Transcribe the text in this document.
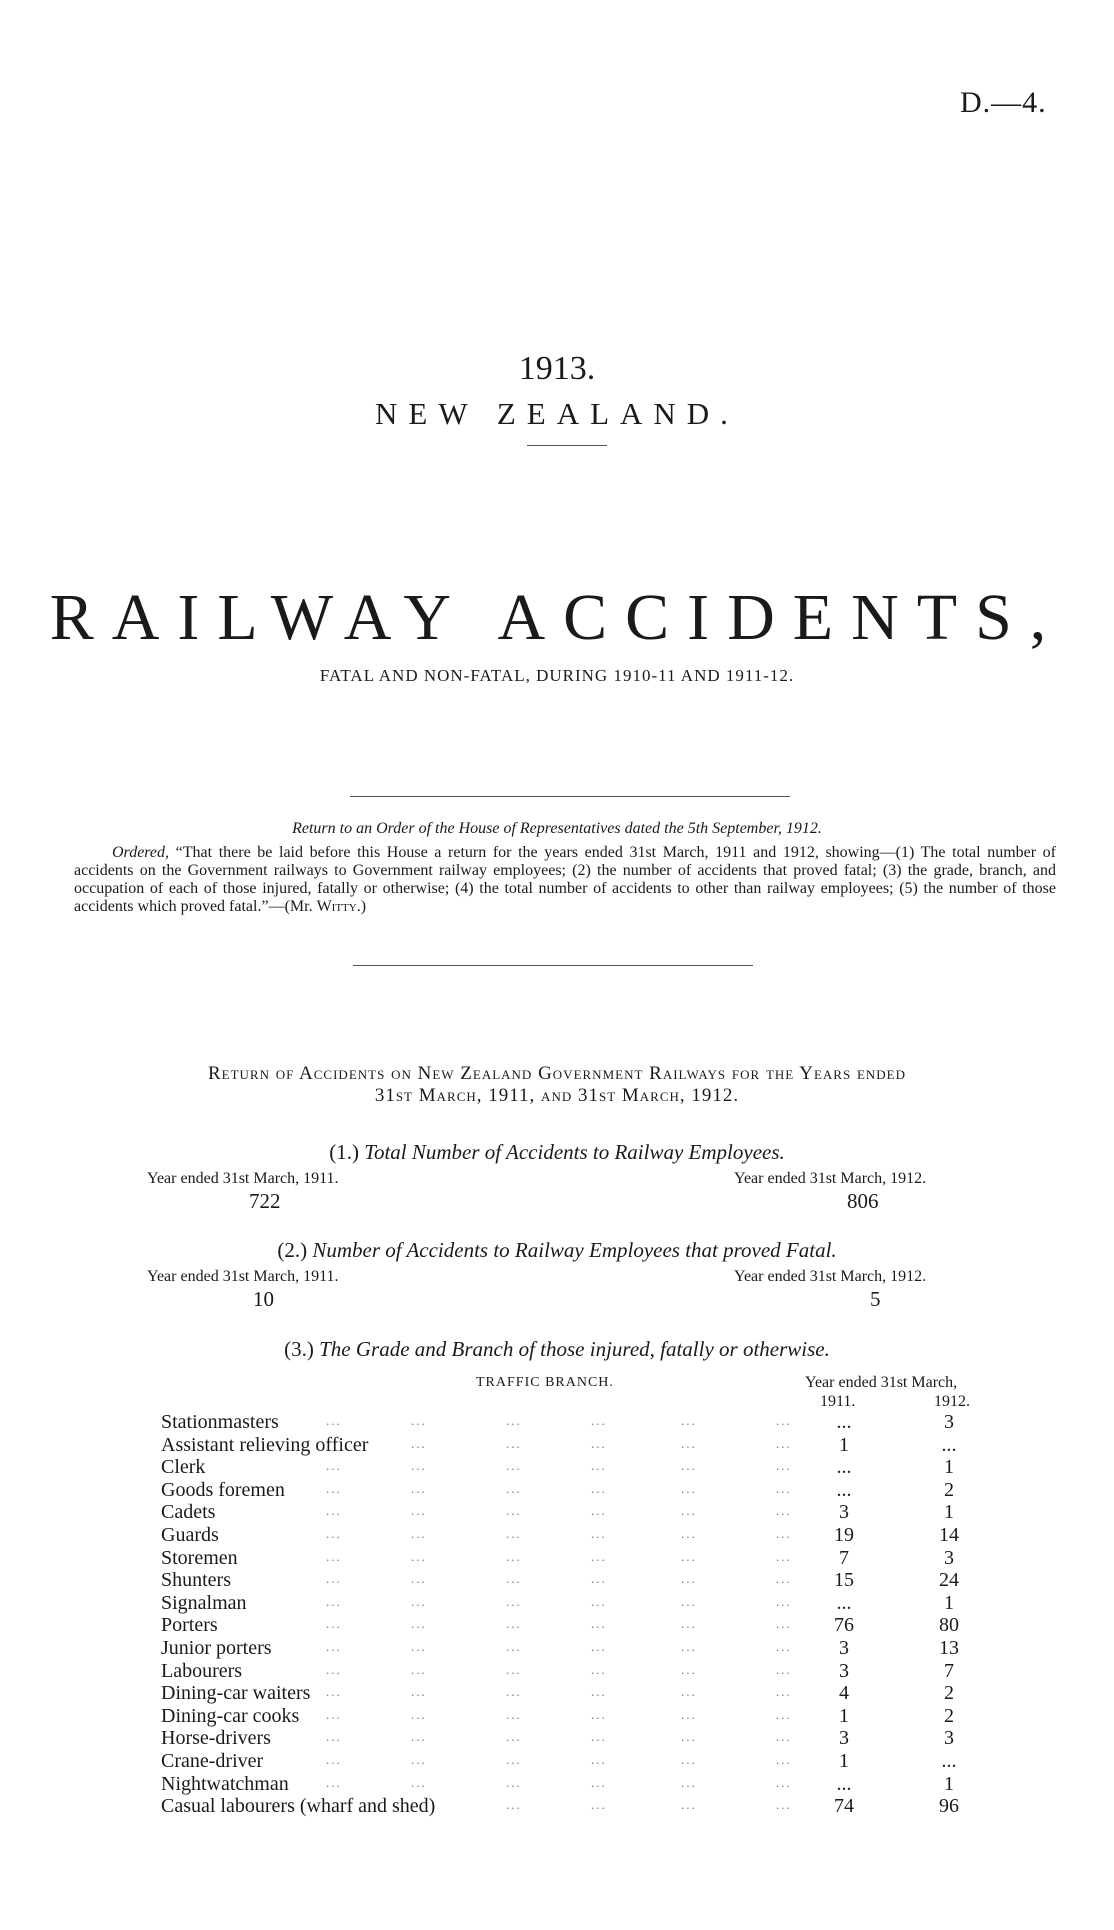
D.—4.
1913.
NEW ZEALAND.
RAILWAY ACCIDENTS,
FATAL AND NON-FATAL, DURING 1910-11 AND 1911-12.
Return to an Order of the House of Representatives dated the 5th September, 1912.
Ordered, “That there be laid before this House a return for the years ended 31st March, 1911 and 1912, showing—(1) The total number of accidents on the Government railways to Government railway employees; (2) the number of accidents that proved fatal; (3) the grade, branch, and occupation of each of those injured, fatally or otherwise; (4) the total number of accidents to other than railway employees; (5) the number of those accidents which proved fatal.”—(Mr. Witty.)
Return of Accidents on New Zealand Government Railways for the Years ended
31st March, 1911, and 31st March, 1912.
(1.) Total Number of Accidents to Railway Employees.
Year ended 31st March, 1911.	Year ended 31st March, 1912.
722	806
(2.) Number of Accidents to Railway Employees that proved Fatal.
Year ended 31st March, 1911.	Year ended 31st March, 1912.
10	5
(3.) The Grade and Branch of those injured, fatally or otherwise.
TRAFFIC BRANCH.	Year ended 31st March,
1911.	1912.
...	...	...	...	...	...
Stationmasters	...	3
...	...	...	...	...
Assistant relieving officer	1	...
...	...	...	...	...	...
Clerk	...	1
...	...	...	...	...	...
Goods foremen	...	2
...	...	...	...	...	...
Cadets	3	1
...	...	...	...	...	...
Guards	19	14
...	...	...	...	...	...
Storemen	7	3
...	...	...	...	...	...
Shunters	15	24
...	...	...	...	...	...
Signalman	...	1
...	...	...	...	...	...
Porters	76	80
...	...	...	...	...	...
Junior porters	3	13
...	...	...	...	...	...
Labourers	3	7
...	...	...	...	...	...
Dining-car waiters	4	2
...	...	...	...	...	...
Dining-car cooks	1	2
...	...	...	...	...	...
Horse-drivers	3	3
...	...	...	...	...	...
Crane-driver	1	...
...	...	...	...	...	...
Nightwatchman	...	1
...	...	...	...
Casual labourers (wharf and shed)	74	96
